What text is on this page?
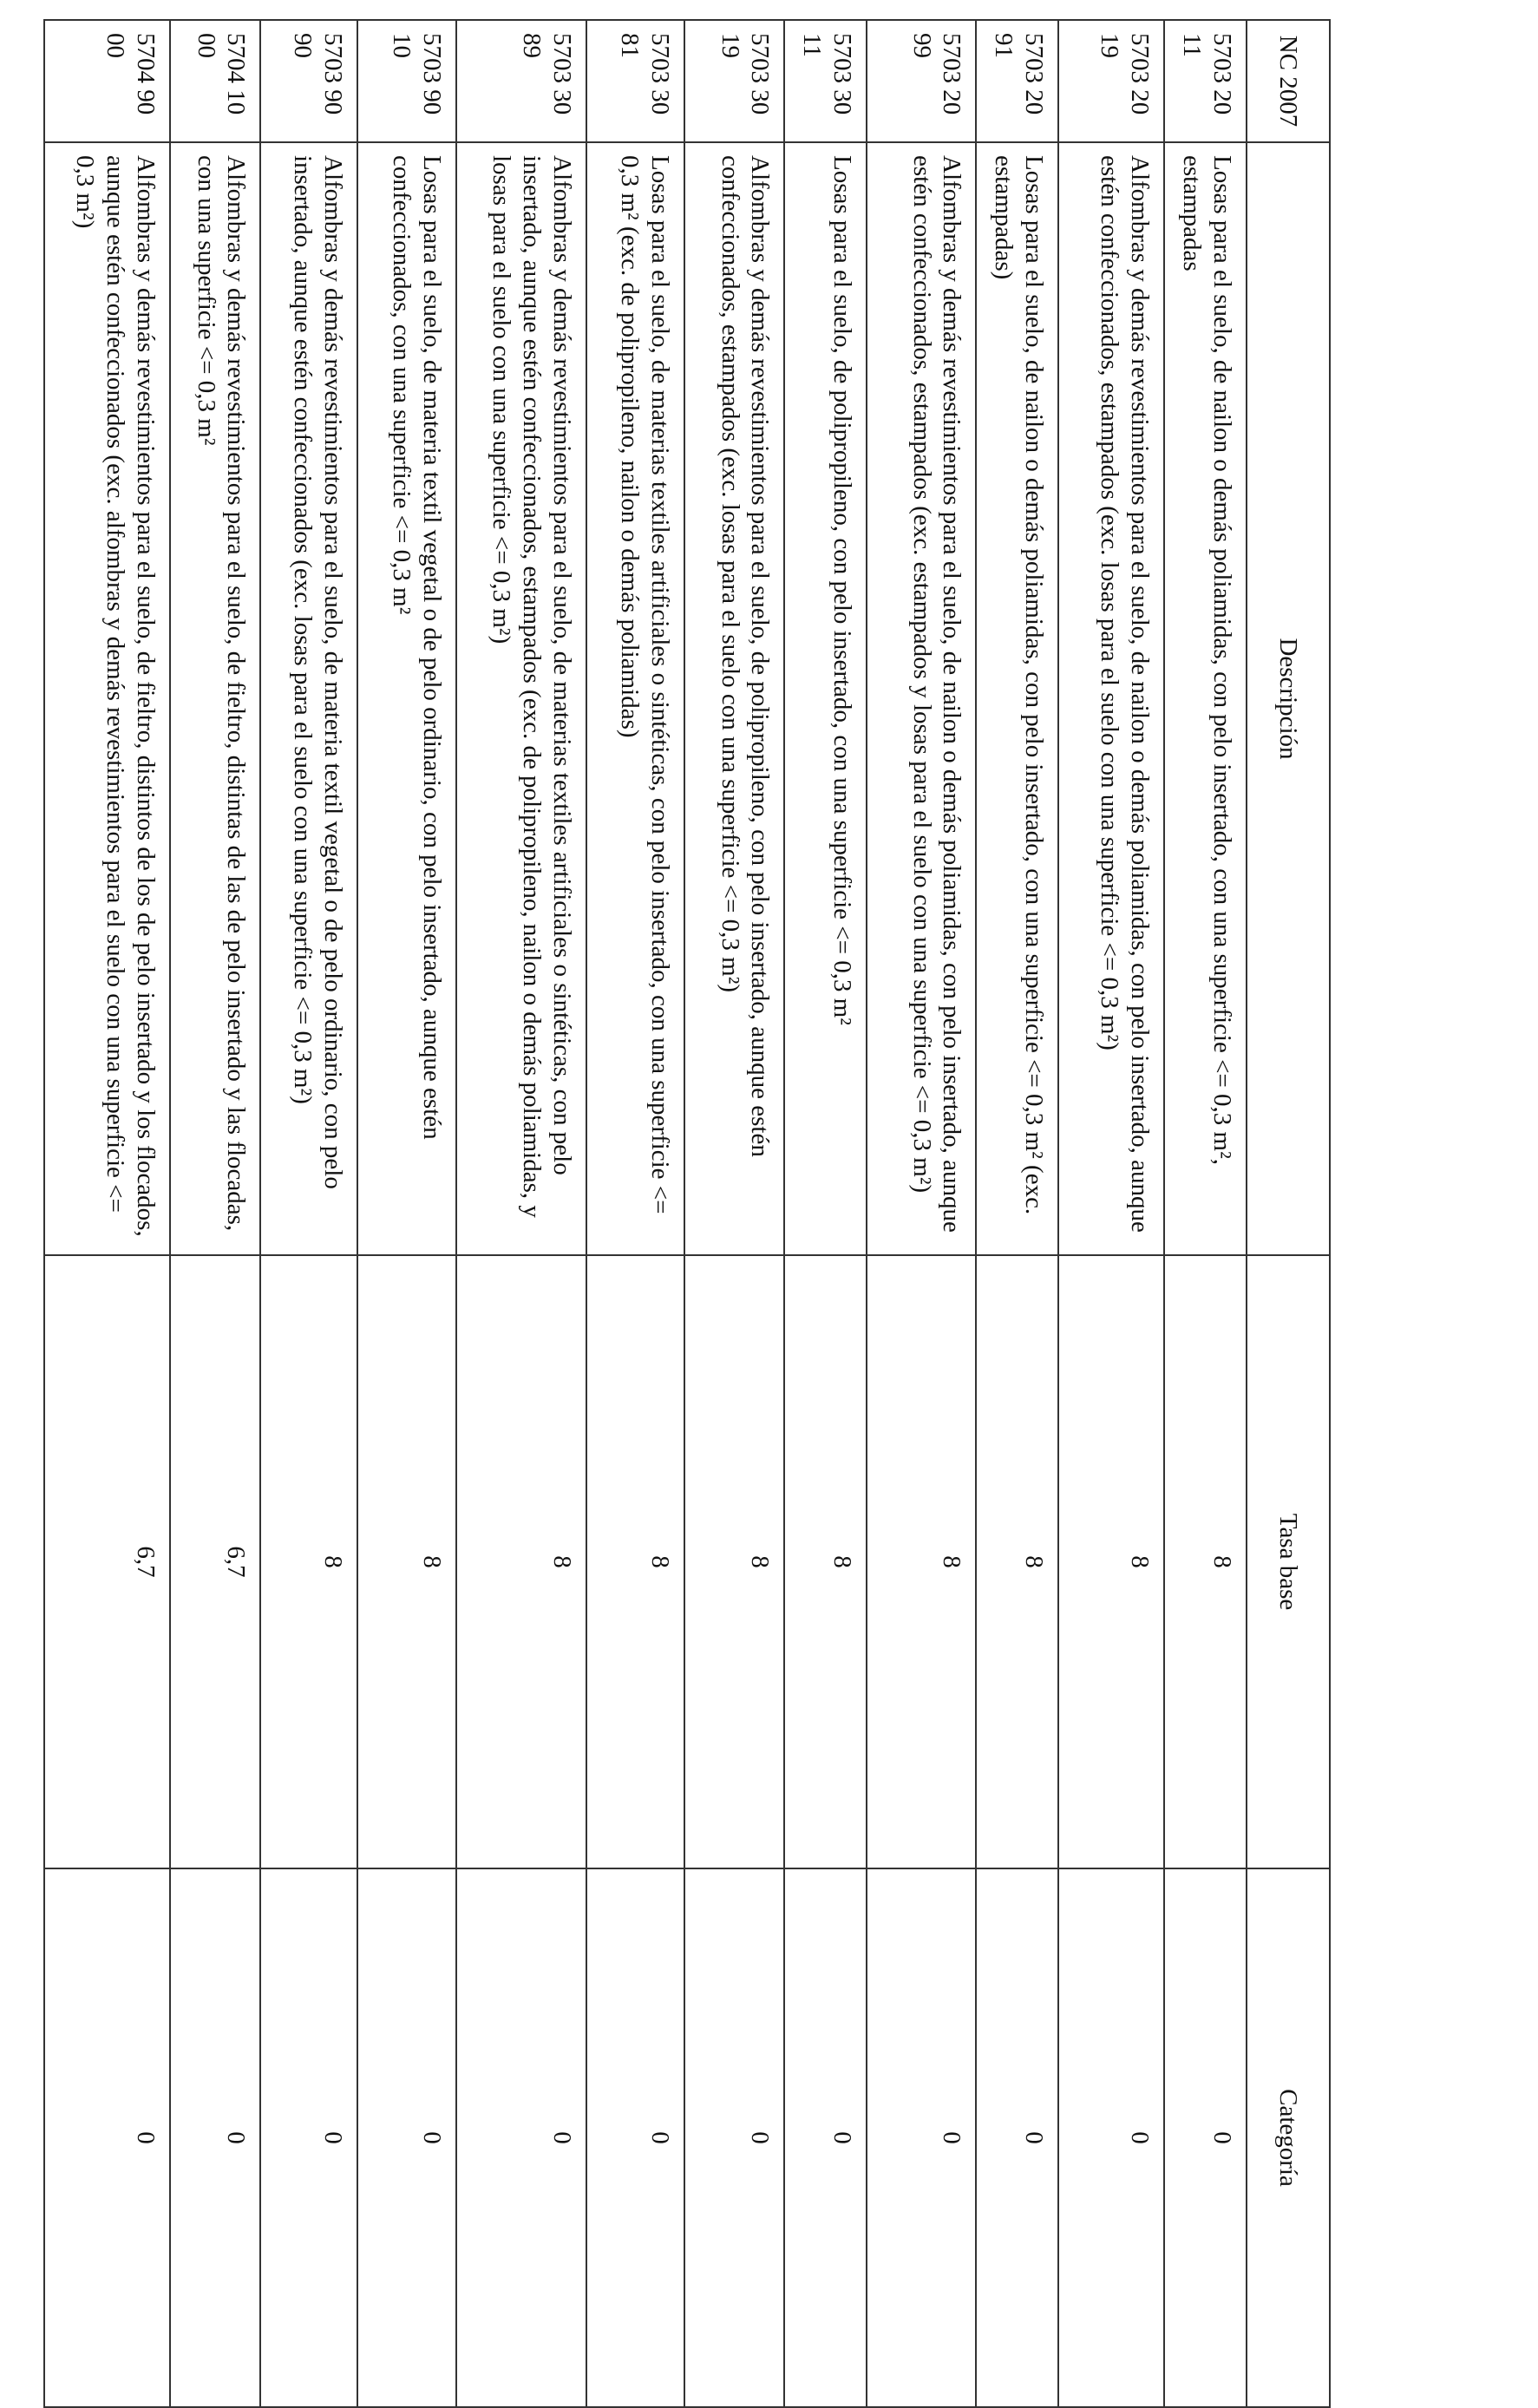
NC 2007	Descripción	Tasa base	Categoría
5703 20 11	Losas para el suelo, de nailon o demás poliamidas, con pelo insertado, con una superficie <= 0,3 m², estampadas	8	0
5703 20 19	Alfombras y demás revestimientos para el suelo, de nailon o demás poliamidas, con pelo insertado, aunque estén confeccionados, estampados (exc. losas para el suelo con una superficie <= 0,3 m²)	8	0
5703 20 91	Losas para el suelo, de nailon o demás poliamidas, con pelo insertado, con una superficie <= 0,3 m² (exc. estampadas)	8	0
5703 20 99	Alfombras y demás revestimientos para el suelo, de nailon o demás poliamidas, con pelo insertado, aunque estén confeccionados, estampados (exc. estampados y losas para el suelo con una superficie <= 0,3 m²)	8	0
5703 30 11	Losas para el suelo, de polipropileno, con pelo insertado, con una superficie <= 0,3 m²	8	0
5703 30 19	Alfombras y demás revestimientos para el suelo, de polipropileno, con pelo insertado, aunque estén confeccionados, estampados (exc. losas para el suelo con una superficie <= 0,3 m²)	8	0
5703 30 81	Losas para el suelo, de materias textiles artificiales o sintéticas, con pelo insertado, con una superficie <= 0,3 m² (exc. de polipropileno, nailon o demás poliamidas)	8	0
5703 30 89	Alfombras y demás revestimientos para el suelo, de materias textiles artificiales o sintéticas, con pelo insertado, aunque estén confeccionados, estampados (exc. de polipropileno, nailon o demás poliamidas, y losas para el suelo con una superficie <= 0,3 m²)	8	0
5703 90 10	Losas para el suelo, de materia textil vegetal o de pelo ordinario, con pelo insertado, aunque estén confeccionados, con una superficie <= 0,3 m²	8	0
5703 90 90	Alfombras y demás revestimientos para el suelo, de materia textil vegetal o de pelo ordinario, con pelo insertado, aunque estén confeccionados (exc. losas para el suelo con una superficie <= 0,3 m²)	8	0
5704 10 00	Alfombras y demás revestimientos para el suelo, de fieltro, distintas de las de pelo insertado y las flocadas, con una superficie <= 0,3 m²	6,7	0
5704 90 00	Alfombras y demás revestimientos para el suelo, de fieltro, distintos de los de pelo insertado y los flocados, aunque estén confeccionados (exc. alfombras y demás revestimientos para el suelo con una superficie <= 0,3 m²)	6,7	0
